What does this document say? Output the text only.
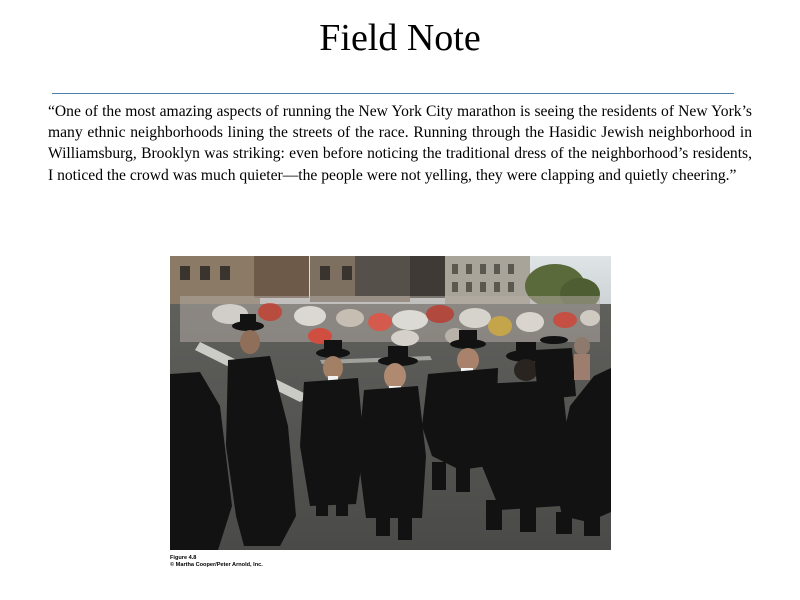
Field Note

“One of the most amazing aspects of running the New York City marathon is seeing the residents of New York’s many ethnic neighborhoods lining the streets of the race. Running through the Hasidic Jewish neighborhood in Williamsburg, Brooklyn was striking: even before noticing the traditional dress of the neighborhood’s residents, I noticed the crowd was much quieter—the people were not yelling, they were clapping and quietly cheering.”

Figure 4.8
© Martha Cooper/Peter Arnold, Inc.
